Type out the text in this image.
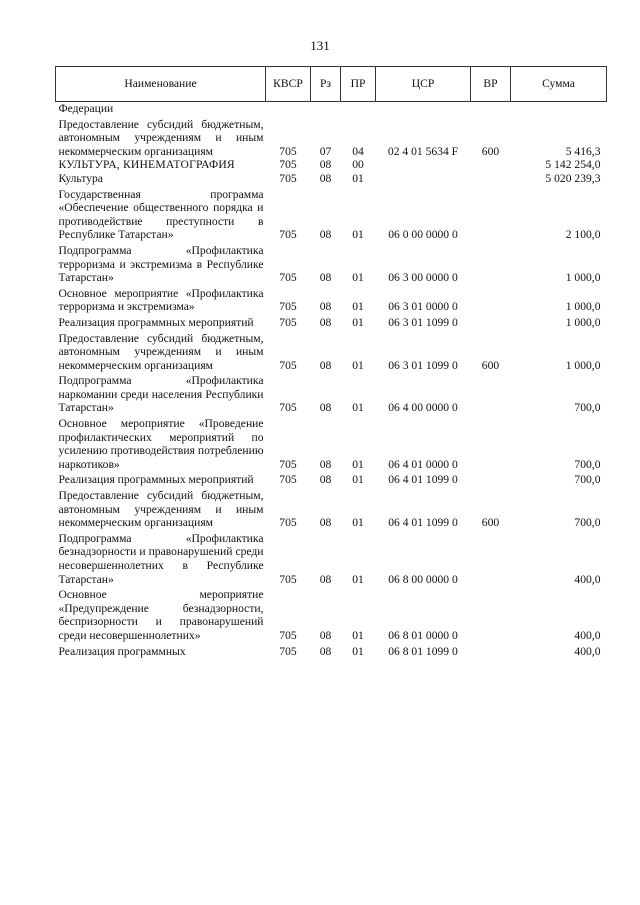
131
Наименование	КВСР	Рз	ПР	ЦСР	ВР	Сумма
Федерации						
Предоставление субсидий бюджетным, автономным учреждениям и иным некоммерческим организациям	705	07	04	02 4 01 5634 F	600	5 416,3
КУЛЬТУРА, КИНЕМАТОГРАФИЯ	705	08	00			5 142 254,0
Культура	705	08	01			5 020 239,3
Государственная программа «Обеспечение общественного порядка и противодействие преступности в Республике Татарстан»	705	08	01	06 0 00 0000 0		2 100,0
Подпрограмма «Профилактика терроризма и экстремизма в Республике Татарстан»	705	08	01	06 3 00 0000 0		1 000,0
Основное мероприятие «Профилактика терроризма и экстремизма»	705	08	01	06 3 01 0000 0		1 000,0
Реализация программных мероприятий	705	08	01	06 3 01 1099 0		1 000,0
Предоставление субсидий бюджетным, автономным учреждениям и иным некоммерческим организациям	705	08	01	06 3 01 1099 0	600	1 000,0
Подпрограмма «Профилактика наркомании среди населения Республики Татарстан»	705	08	01	06 4 00 0000 0		700,0
Основное мероприятие «Проведение профилактических мероприятий по усилению противодействия потреблению наркотиков»	705	08	01	06 4 01 0000 0		700,0
Реализация программных мероприятий	705	08	01	06 4 01 1099 0		700,0
Предоставление субсидий бюджетным, автономным учреждениям и иным некоммерческим организациям	705	08	01	06 4 01 1099 0	600	700,0
Подпрограмма «Профилактика безнадзорности и правонарушений среди несовершеннолетних в Республике Татарстан»	705	08	01	06 8 00 0000 0		400,0
Основное мероприятие «Предупреждение безнадзорности, беспризорности и правонарушений среди несовершеннолетних»	705	08	01	06 8 01 0000 0		400,0
Реализация программных	705	08	01	06 8 01 1099 0		400,0
